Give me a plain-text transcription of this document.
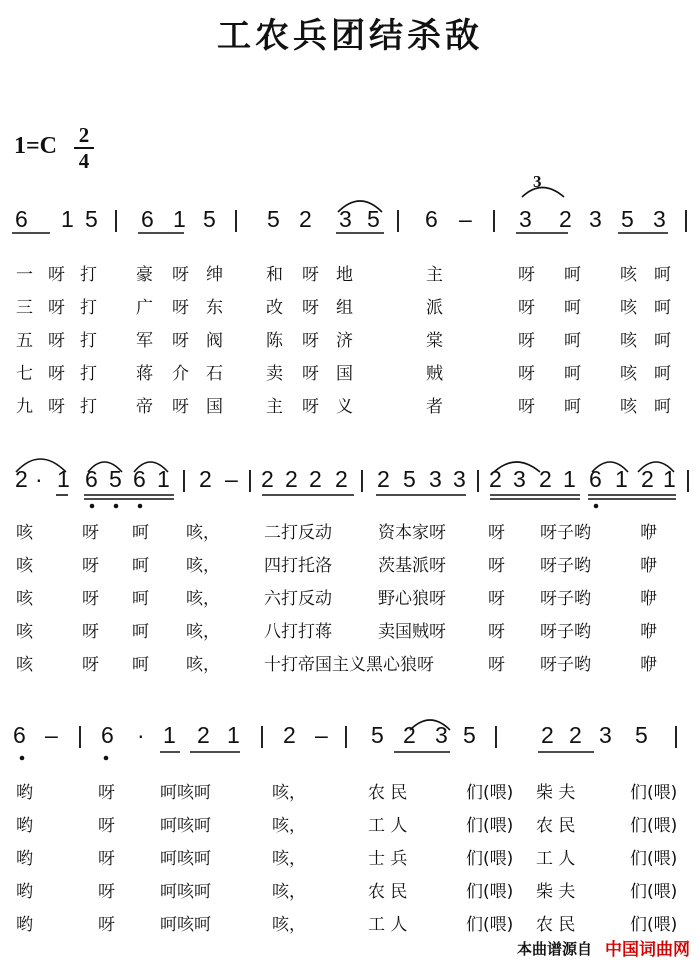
工农兵团结杀敌
1=C 2
4
3
6 1 5 | 6 1 5 | 5 2 3 5 | 6 – | 3 2 3 5 3 |
一 呀 打 豪 呀 绅	和 呀 地	主	呀 呵 咳 呵
三 呀 打 广 呀 东	改 呀 组	派	呀 呵 咳 呵
五 呀 打 军 呀 阀	陈 呀 济	棠	呀 呵 咳 呵
七 呀 打 蒋 介 石	卖 呀 国	贼	呀 呵 咳 呵
九 呀 打 帝 呀 国	主 呀 义	者	呀 呵 咳 呵
2 · 1 6 5 6 1 | 2 – | 2 2 2 2 | 2 5 3 3 | 2 3 2 1 6 1 2 1 |
咳	呀 呵 咳，	二打反动	资本家呀 呀 呀子哟	咿
咳	呀 呵 咳，	四打托洛	茨基派呀 呀 呀子哟	咿
咳	呀 呵 咳，	六打反动	野心狼呀 呀 呀子哟	咿
咳	呀 呵 咳，	八打打蒋	卖国贼呀 呀 呀子哟	咿
咳	呀 呵 咳，	十打帝国主义黑心狼呀	呀 呀子哟	咿
6 – | 6 · 1 2 1 | 2 – | 5 2 3 5 | 2 2 3 5 |
哟	呀	呵咳呵	咳，	农 民	们(喂) 柴 夫	们(喂)
哟	呀	呵咳呵	咳，	工 人	们(喂) 农 民	们(喂)
哟	呀	呵咳呵	咳，	士 兵	们(喂) 工 人	们(喂)
哟	呀	呵咳呵	咳，	农 民	们(喂) 柴 夫	们(喂)
哟	呀	呵咳呵	咳，	工 人	们(喂) 农 民	们(喂)
本曲谱源自 中国词曲网
